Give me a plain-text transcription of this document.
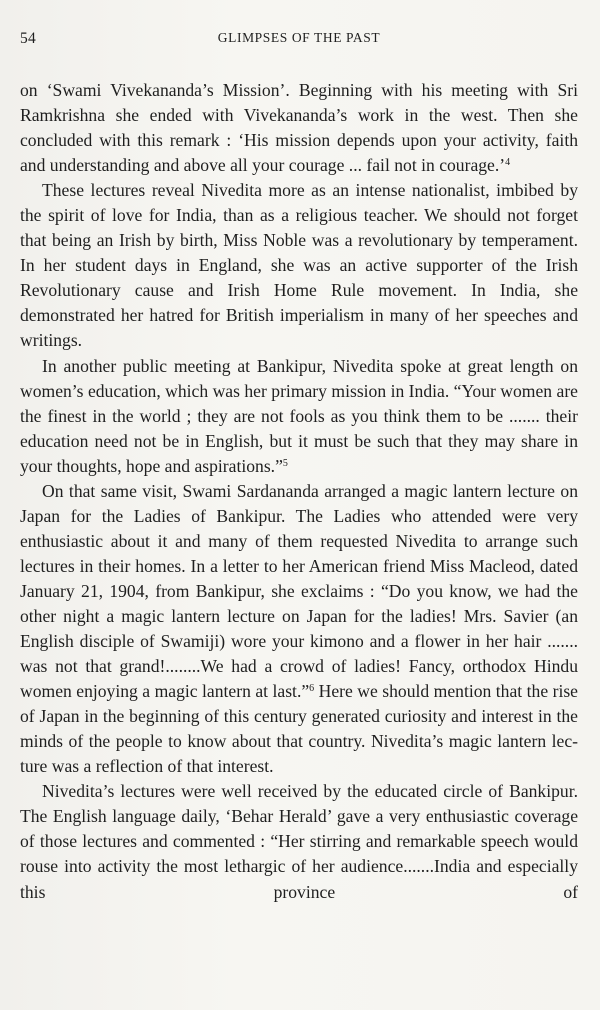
54	GLIMPSES OF THE PAST

on ‘Swami Vivekananda’s Mission’. Beginning with his meeting with Sri Ramkrishna she ended with Vivekananda’s work in the west. Then she concluded with this remark : ‘His mission depends upon your activity, faith and understanding and above all your courage ... fail not in courage.’$^4$

These lectures reveal Nivedita more as an intense nationalist, imbibed by the spirit of love for India, than as a religious teacher. We should not forget that being an Irish by birth, Miss Noble was a revolutionary by temperament. In her student days in England, she was an active supporter of the Irish Revolutionary cause and Irish Home Rule movement. In India, she demonstrated her hatred for British imperialism in many of her speeches and writings.

In another public meeting at Bankipur, Nivedita spoke at great length on women’s education, which was her primary mission in India. “Your women are the finest in the world ; they are not fools as you think them to be ....... their education need not be in English, but it must be such that they may share in your thoughts, hope and aspirations.”$^5$

On that same visit, Swami Sardananda arranged a magic lantern lecture on Japan for the Ladies of Bankipur. The Ladies who attended were very enthusiastic about it and many of them requested Nivedita to arrange such lectures in their homes. In a letter to her American friend Miss Macleod, dated January 21, 1904, from Bankipur, she exclaims : “Do you know, we had the other night a magic lantern lecture on Japan for the ladies! Mrs. Savier (an English disciple of Swamiji) wore your kimono and a flower in her hair ....... was not that grand!........We had a crowd of ladies! Fancy, orthodox Hindu women enjoying a magic lantern at last.”$^6$ Here we should mention that the rise of Japan in the beginning of this century generated curiosity and interest in the minds of the people to know about that country. Nivedita’s magic lantern lecture was a reflection of that interest.

Nivedita’s lectures were well received by the educated circle of Bankipur. The English language daily, ‘Behar Herald’ gave a very enthusiastic coverage of those lectures and commented : “Her stirring and remarkable speech would rouse into activity the most lethargic of her audience.......India and especially this province of
